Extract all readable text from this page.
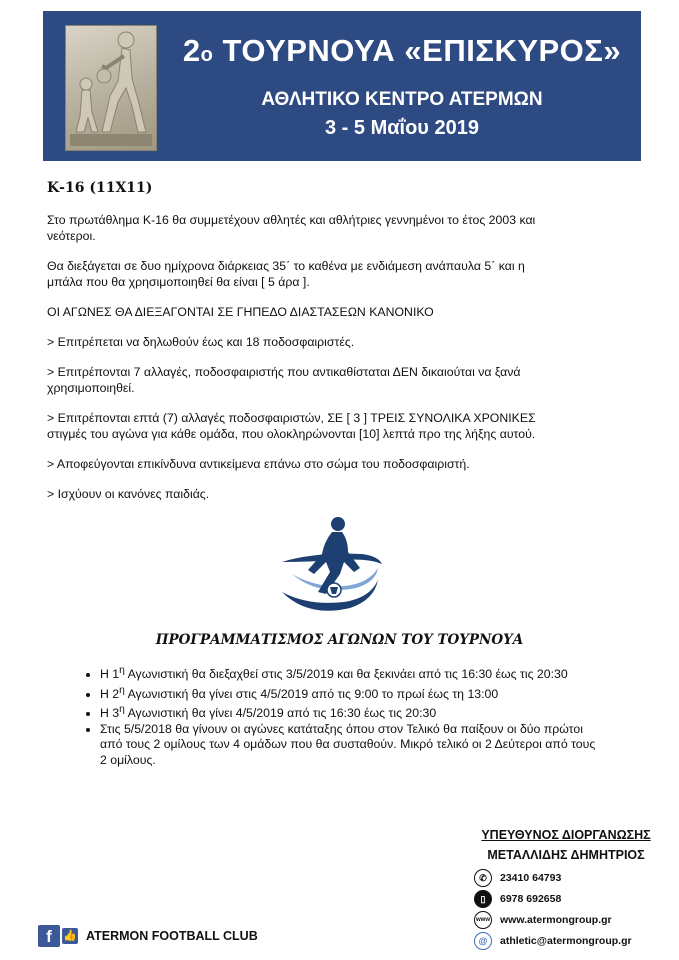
2ο ΤΟΥΡΝΟΥΑ «ΕΠΙΣΚΥΡΟΣ»
ΑΘΛΗΤΙΚΟ ΚΕΝΤΡΟ ΑΤΕΡΜΩΝ
3 - 5 Μαΐου 2019

Κ-16 (11Χ11)

Στο πρωτάθλημα Κ-16 θα συμμετέχουν αθλητές και αθλήτριες γεννημένοι το έτος 2003 και νεότεροι.

Θα διεξάγεται σε δυο ημίχρονα διάρκειας 35΄ το καθένα με ενδιάμεση ανάπαυλα 5΄ και η μπάλα που θα χρησιμοποιηθεί θα είναι [ 5 άρα ].

ΟΙ ΑΓΩΝΕΣ ΘΑ ΔΙΕΞΑΓΟΝΤΑΙ ΣΕ ΓΗΠΕΔΟ ΔΙΑΣΤΑΣΕΩΝ ΚΑΝΟΝΙΚΟ

> Επιτρέπεται να δηλωθούν έως και 18 ποδοσφαιριστές.

> Επιτρέπονται 7 αλλαγές, ποδοσφαιριστής που αντικαθίσταται ΔΕΝ δικαιούται να ξανά χρησιμοποιηθεί.

> Επιτρέπονται επτά (7) αλλαγές ποδοσφαιριστών, ΣΕ [ 3 ] ΤΡΕΙΣ ΣΥΝΟΛΙΚΑ ΧΡΟΝΙΚΕΣ στιγμές του αγώνα για κάθε ομάδα, που ολοκληρώνονται [10] λεπτά προ της λήξης αυτού.

> Αποφεύγονται επικίνδυνα αντικείμενα επάνω στο σώμα του ποδοσφαιριστή.

> Ισχύουν οι κανόνες παιδιάς.

ΠΡΟΓΡΑΜΜΑΤΙΣΜΟΣ ΑΓΩΝΩΝ ΤΟΥ ΤΟΥΡΝΟΥΑ
• Η $1^\eta$ Αγωνιστική θα διεξαχθεί στις 3/5/2019 και θα ξεκινάει από τις 16:30 έως τις 20:30
• Η $2^\eta$ Αγωνιστική θα γίνει στις 4/5/2019 από τις 9:00 το πρωί έως τη 13:00
• Η $3^\eta$ Αγωνιστική θα γίνει 4/5/2019 από τις 16:30 έως τις 20:30
• Στις 5/5/2018 θα γίνουν οι αγώνες κατάταξης όπου στον Τελικό θα παίξουν οι δύο πρώτοι από τους 2 ομίλους των 4 ομάδων που θα συσταθούν. Μικρό τελικό οι 2 Δεύτεροι από τους 2 ομίλους.
ΥΠΕΥΘΥΝΟΣ ΔΙΟΡΓΑΝΩΣΗΣ
ΜΕΤΑΛΛΙΔΗΣ ΔΗΜΗΤΡΙΟΣ
✆ 23410 64793
▯ 6978 692658
www www.atermongroup.gr
@ athletic@atermongroup.gr
f 👍 ATERMON FOOTBALL CLUB
